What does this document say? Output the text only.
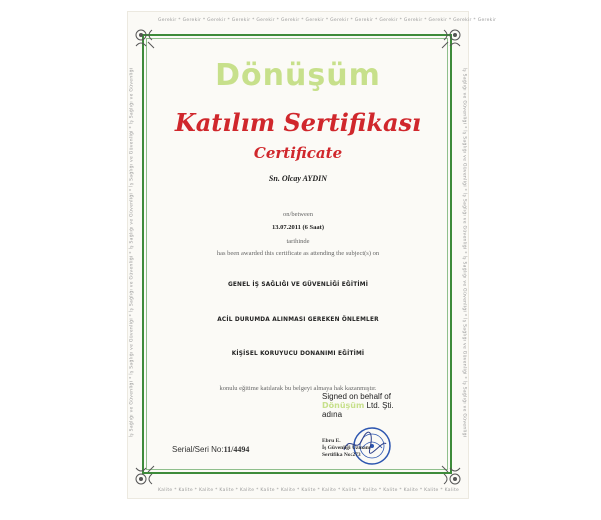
Gerekir * Gerekir * Gerekir * Gerekir * Gerekir * Gerekir * Gerekir * Gerekir * Gerekir * Gerekir * Gerekir * Gerekir * Gerekir * Gerekir
İş Sağlığı ve Güvenliği * İş Sağlığı ve Güvenliği * İş Sağlığı ve Güvenliği * İş Sağlığı ve Güvenliği * İş Sağlığı ve Güvenliği * İş Sağlığı ve Güvenliği	İş Sağlığı ve Güvenliği * İş Sağlığı ve Güvenliği * İş Sağlığı ve Güvenliği * İş Sağlığı ve Güvenliği * İş Sağlığı ve Güvenliği * İş Sağlığı ve Güvenliği
Kalite * Kalite * Kalite * Kalite * Kalite * Kalite * Kalite * Kalite * Kalite * Kalite * Kalite * Kalite * Kalite * Kalite * Kalite
Dönüşüm
Katılım Sertifikası
Certificate
Sn. Olcay AYDIN
on/between
13.07.2011 (6 Saat)
tarihinde
has been awarded this certificate as attending the subject(s) on
GENEL İŞ SAĞLIĞI VE GÜVENLİĞİ EĞİTİMİ
ACİL DURUMDA ALINMASI GEREKEN ÖNLEMLER
KİŞİSEL KORUYUCU DONANIMI EĞİTİMİ
konulu eğitime katılarak bu belgeyi almaya hak kazanmıştır.
Signed on behalf of
Dönüşüm Ltd. Şti.
adına
Serial/Seri No:11/4494
Ebru E.
İş Güvenliği Uzmanı
Sertifika No:273
